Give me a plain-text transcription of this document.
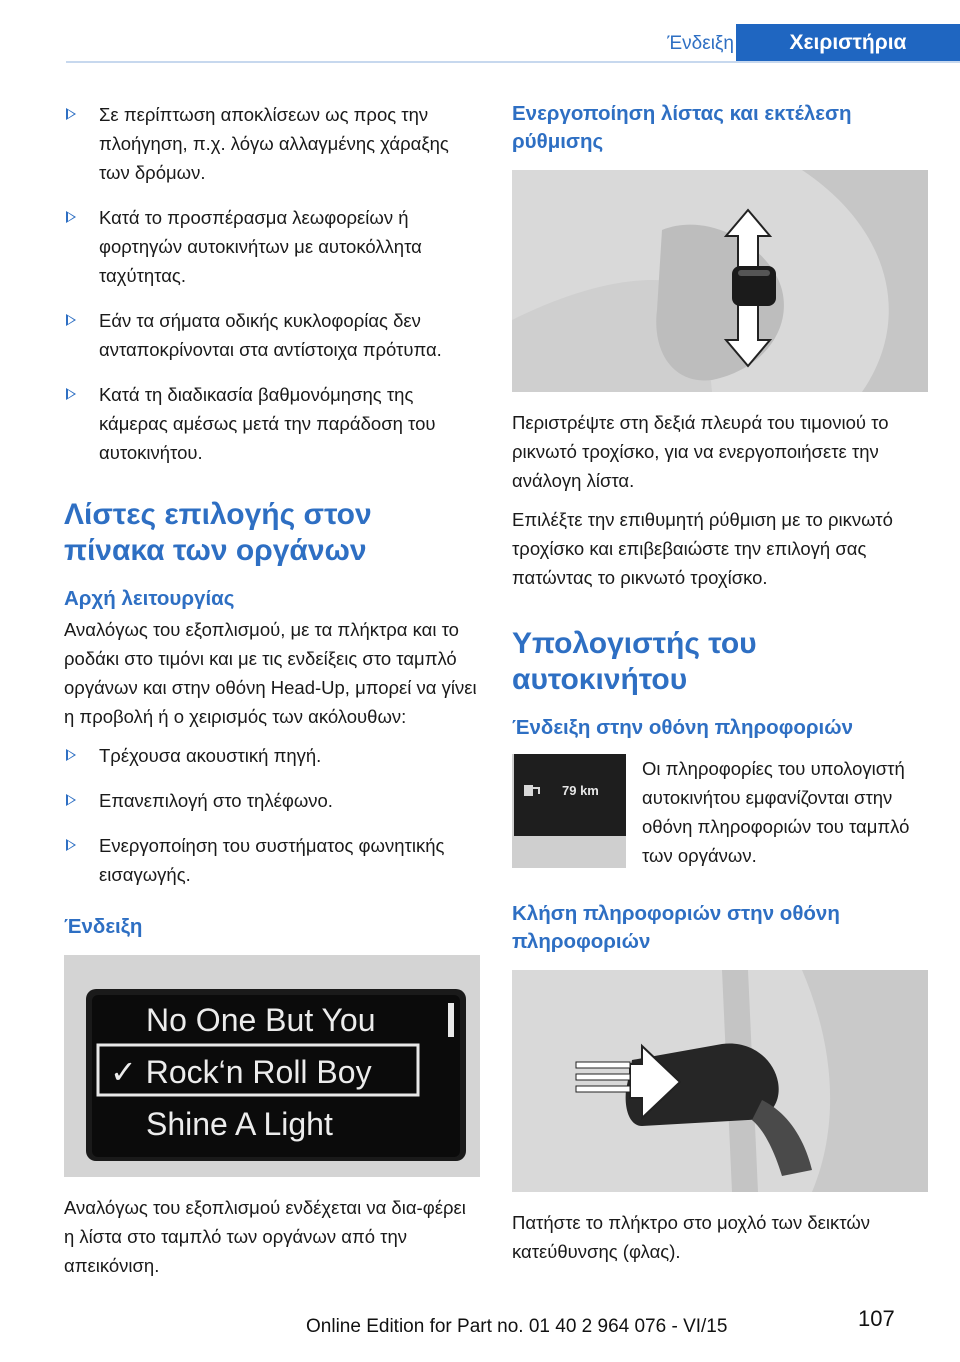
Ένδειξη	Χειριστήρια
Σε περίπτωση αποκλίσεων ως προς την πλοήγηση, π.χ. λόγω αλλαγμένης χάραξης των δρόμων.
Κατά το προσπέρασμα λεωφορείων ή φορτηγών αυτοκινήτων με αυτοκόλλητα ταχύτητας.
Εάν τα σήματα οδικής κυκλοφορίας δεν ανταποκρίνονται στα αντίστοιχα πρότυπα.
Κατά τη διαδικασία βαθμονόμησης της κάμερας αμέσως μετά την παράδοση του αυτοκινήτου.
Λίστες επιλογής στον πίνακα των οργάνων
Αρχή λειτουργίας

Αναλόγως του εξοπλισμού, με τα πλήκτρα και το ροδάκι στο τιμόνι και με τις ενδείξεις στο ταμπλό οργάνων και στην οθόνη Head-Up, μπορεί να γίνει η προβολή ή ο χειρισμός των ακόλουθων:

Τρέχουσα ακουστική πηγή.
Επανεπιλογή στο τηλέφωνο.
Ενεργοποίηση του συστήματος φωνητικής εισαγωγής.
Ένδειξη
No One But You
✓ Rock‘n Roll Boy
Shine A Light

Αναλόγως του εξοπλισμού ενδέχεται να δια‐φέρει η λίστα στο ταμπλό των οργάνων από την απεικόνιση.

Ενεργοποίηση λίστας και εκτέλεση ρύθμισης

Περιστρέψτε στη δεξιά πλευρά του τιμονιού το ρικνωτό τροχίσκο, για να ενεργοποιήσετε την ανάλογη λίστα.

Επιλέξτε την επιθυμητή ρύθμιση με το ρικνωτό τροχίσκο και επιβεβαιώστε την επιλογή σας πατώντας το ρικνωτό τροχίσκο.

Υπολογιστής του αυτοκινήτου
Ένδειξη στην οθόνη πληροφοριών
79 km

Οι πληροφορίες του υπολογιστή αυτοκινήτου εμφανίζονται στην οθόνη πληροφοριών του ταμπλό των οργάνων.

Κλήση πληροφοριών στην οθόνη πληροφοριών

Πατήστε το πλήκτρο στο μοχλό των δεικτών κατεύθυνσης (φλας).

Online Edition for Part no. 01 40 2 964 076 - VI/15	107
